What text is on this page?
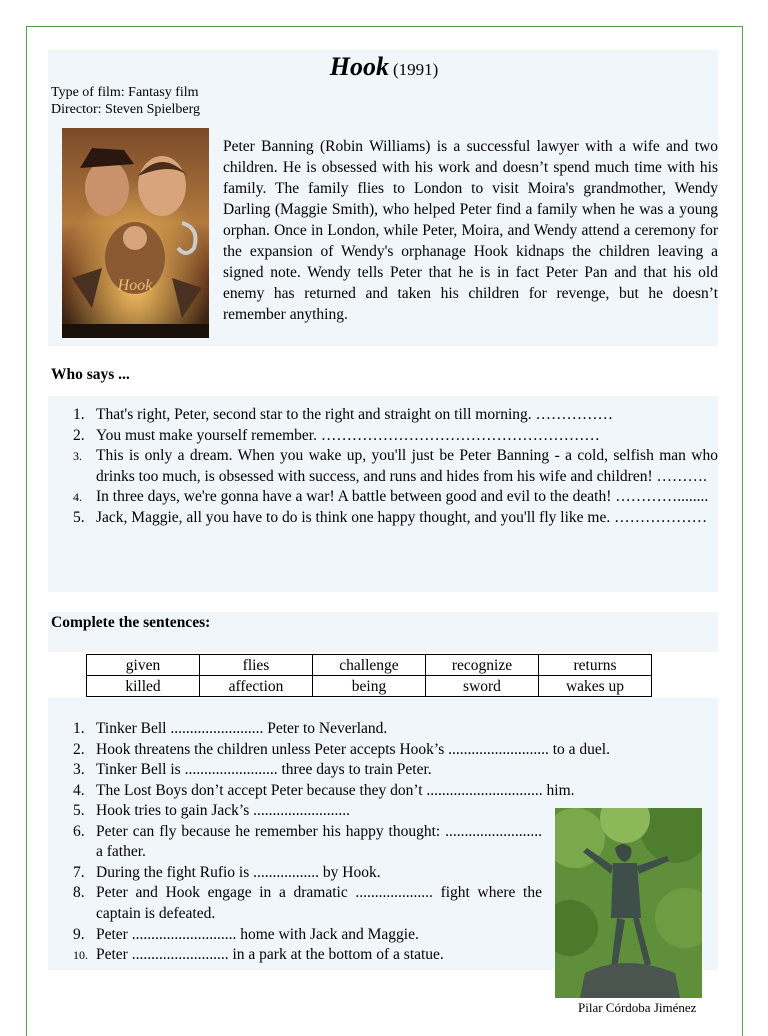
Hook (1991)
Type of film: Fantasy film
Director: Steven Spielberg
Hook
Peter Banning (Robin Williams) is a successful lawyer with a wife and two children. He is obsessed with his work and doesn’t spend much time with his family. The family flies to London to visit Moira's grandmother, Wendy Darling (Maggie Smith), who helped Peter find a family when he was a young orphan. Once in London, while Peter, Moira, and Wendy attend a ceremony for the expansion of Wendy's orphanage Hook kidnaps the children leaving a signed note. Wendy tells Peter that he is in fact Peter Pan and that his old enemy has returned and taken his children for revenge, but he doesn’t remember anything.
Who says ...
1. That's right, Peter, second star to the right and straight on till morning. ……………
2. You must make yourself remember. ………………………………………………
3. This is only a dream. When you wake up, you'll just be Peter Banning - a cold, selfish man who drinks too much, is obsessed with success, and runs and hides from his wife and children! ……….
4. In three days, we're gonna have a war! A battle between good and evil to the death! …………........
5. Jack, Maggie, all you have to do is think one happy thought, and you'll fly like me. ………………
Complete the sentences:
given	flies	challenge	recognize	returns
killed	affection	being	sword	wakes up
1. Tinker Bell ........................ Peter to Neverland.
2. Hook threatens the children unless Peter accepts Hook’s .......................... to a duel.
3. Tinker Bell is ........................ three days to train Peter.
4. The Lost Boys don’t accept Peter because they don’t .............................. him.
5. Hook tries to gain Jack’s .........................
6. Peter can fly because he remember his happy thought: ......................... a father.
7. During the fight Rufio is ................. by Hook.
8. Peter and Hook engage in a dramatic .................... fight where the captain is defeated.
9. Peter ........................... home with Jack and Maggie.
10. Peter ......................... in a park at the bottom of a statue.
Pilar Córdoba Jiménez
